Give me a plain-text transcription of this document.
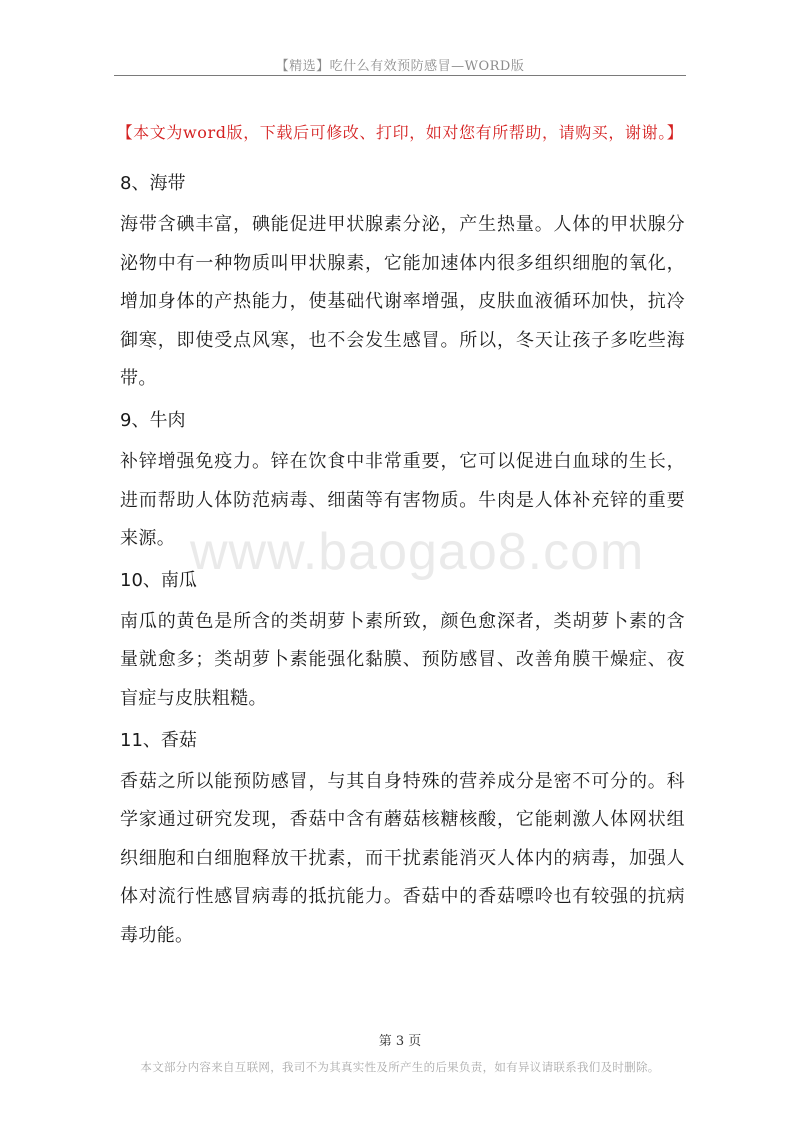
【精选】吃什么有效预防感冒—WORD版
【本文为word版，下载后可修改、打印，如对您有所帮助，请购买，谢谢。】
www.baogao8.com
8、海带
海带含碘丰富，碘能促进甲状腺素分泌，产生热量。人体的甲状腺分泌物中有一种物质叫甲状腺素，它能加速体内很多组织细胞的氧化，增加身体的产热能力，使基础代谢率增强，皮肤血液循环加快，抗冷御寒，即使受点风寒，也不会发生感冒。所以，冬天让孩子多吃些海带。
9、牛肉
补锌增强免疫力。锌在饮食中非常重要，它可以促进白血球的生长，进而帮助人体防范病毒、细菌等有害物质。牛肉是人体补充锌的重要来源。
10、南瓜
南瓜的黄色是所含的类胡萝卜素所致，颜色愈深者，类胡萝卜素的含量就愈多；类胡萝卜素能强化黏膜、预防感冒、改善角膜干燥症、夜盲症与皮肤粗糙。
11、香菇
香菇之所以能预防感冒，与其自身特殊的营养成分是密不可分的。科学家通过研究发现，香菇中含有蘑菇核糖核酸，它能刺激人体网状组织细胞和白细胞释放干扰素，而干扰素能消灭人体内的病毒，加强人体对流行性感冒病毒的抵抗能力。香菇中的香菇嘌呤也有较强的抗病毒功能。
第 3 页
本文部分内容来自互联网，我司不为其真实性及所产生的后果负责，如有异议请联系我们及时删除。
